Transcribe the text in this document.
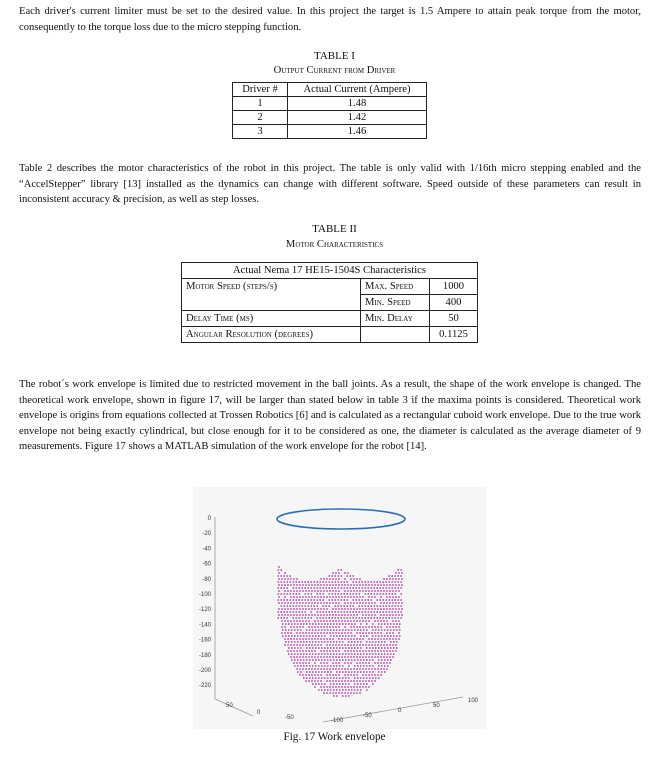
Each driver's current limiter must be set to the desired value. In this project the target is 1.5 Ampere to attain peak torque from the motor, consequently to the torque loss due to the micro stepping function.
TABLE I
Output Current from Driver
Driver #	Actual Current (Ampere)
1	1.48
2	1.42
3	1.46
Table 2 describes the motor characteristics of the robot in this project. The table is only valid with 1/16th micro stepping enabled and the “AccelStepper” library [13] installed as the dynamics can change with different software. Speed outside of these parameters can result in inconsistent accuracy & precision, as well as step losses.
TABLE II
Motor Characteristics
Actual Nema 17 HE15-1504S Characteristics		
Motor Speed (steps/s)	Max. Speed	1000
	Min. Speed	400
Delay Time (ms)	Min. Delay	50
Angular Resolution (degrees)		0.1125
The robot´s work envelope is limited due to restricted movement in the ball joints. As a result, the shape of the work envelope is changed. The theoretical work envelope, shown in figure 17, will be larger than stated below in table 3 if the maxima points is considered. Theoretical work envelope is origins from equations collected at Trossen Robotics [6] and is calculated as a rectangular cuboid work envelope. Due to the true work envelope not being exactly cylindrical, but close enough for it to be considered as one, the diameter is calculated as the average diameter of 9 measurements. Figure 17 shows a MATLAB simulation of the work envelope for the robot [14].
0
-20
-40
-60
-80
-100
-120
-140
-160
-180
-200
-220
50
0
-50	-100
-50
0
50
100
Fig. 17 Work envelope
